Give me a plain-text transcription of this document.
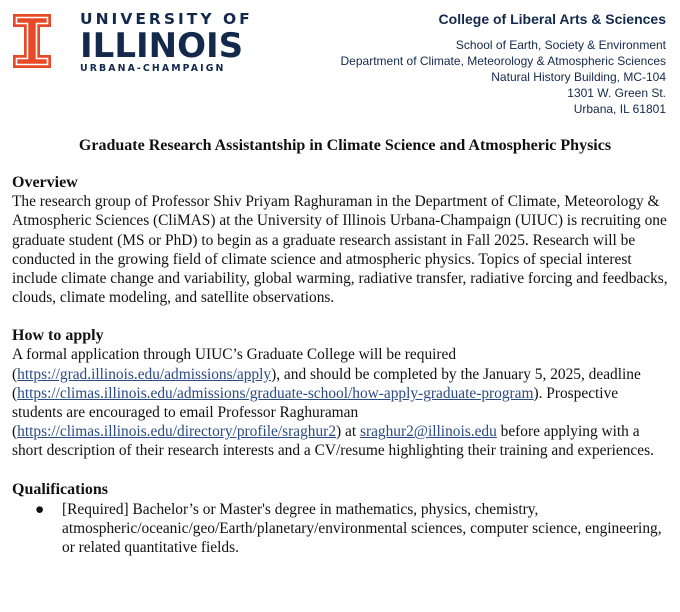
UNIVERSITY OF
ILLINOIS
URBANA-CHAMPAIGN
College of Liberal Arts & Sciences
School of Earth, Society & Environment
Department of Climate, Meteorology & Atmospheric Sciences
Natural History Building, MC-104
1301 W. Green St.
Urbana, IL 61801
Graduate Research Assistantship in Climate Science and Atmospheric Physics
Overview

The research group of Professor Shiv Priyam Raghuraman in the Department of Climate, Meteorology & Atmospheric Sciences (CliMAS) at the University of Illinois Urbana-Champaign (UIUC) is recruiting one graduate student (MS or PhD) to begin as a graduate research assistant in Fall 2025. Research will be conducted in the growing field of climate science and atmospheric physics. Topics of special interest include climate change and variability, global warming, radiative transfer, radiative forcing and feedbacks, clouds, climate modeling, and satellite observations.

How to apply

A formal application through UIUC’s Graduate College will be required (https://grad.illinois.edu/admissions/apply), and should be completed by the January 5, 2025, deadline (https://climas.illinois.edu/admissions/graduate-school/how-apply-graduate-program). Prospective students are encouraged to email Professor Raghuraman (https://climas.illinois.edu/directory/profile/sraghur2) at sraghur2@illinois.edu before applying with a short description of their research interests and a CV/resume highlighting their training and experiences.

Qualifications
● [Required] Bachelor’s or Master's degree in mathematics, physics, chemistry, atmospheric/oceanic/geo/Earth/planetary/environmental sciences, computer science, engineering, or related quantitative fields.
